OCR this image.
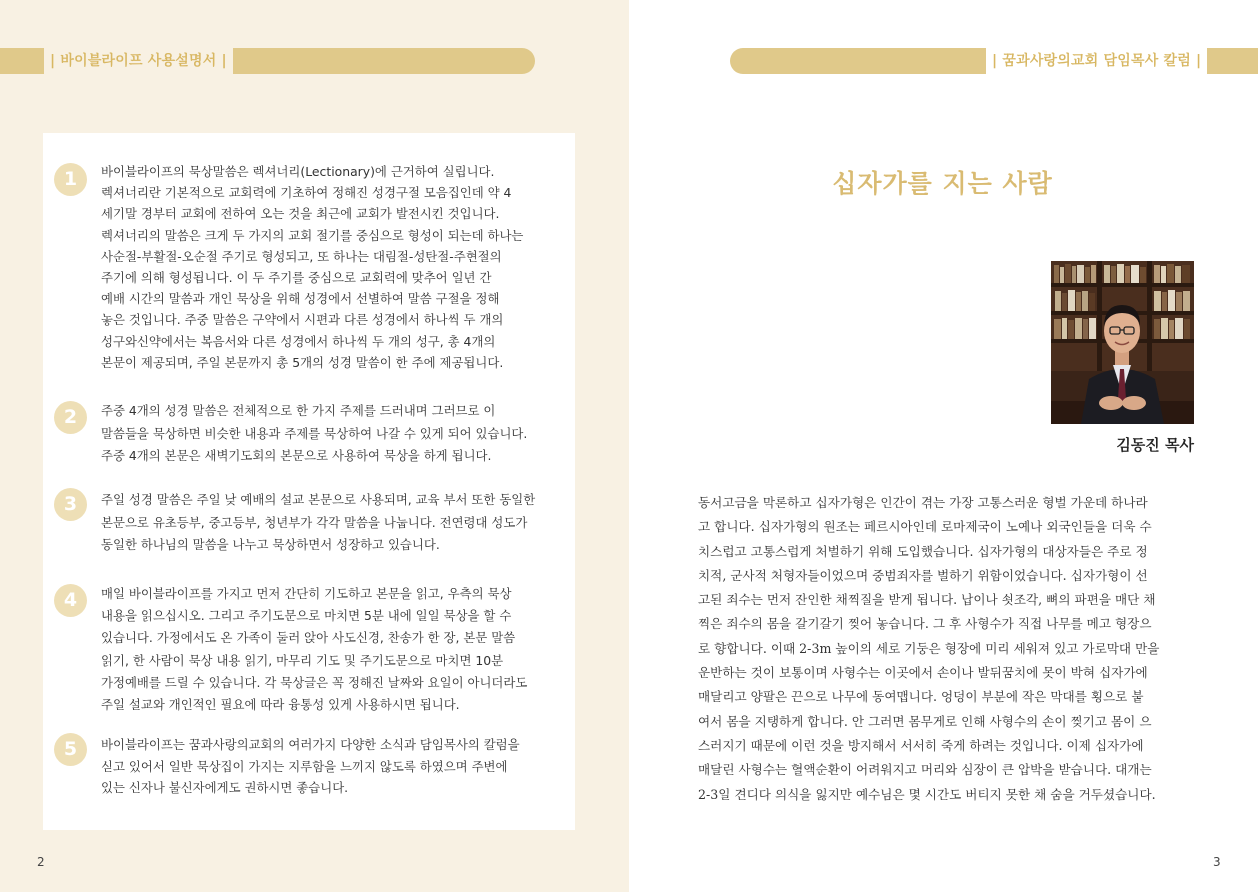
| 바이블라이프 사용설명서 |
1	바이블라이프의 묵상말씀은 렉셔너리(Lectionary)에 근거하여 실립니다.
렉셔너리란 기본적으로 교회력에 기초하여 정해진 성경구절 모음집인데 약 4
세기말 경부터 교회에 전하여 오는 것을 최근에 교회가 발전시킨 것입니다.
렉셔너리의 말씀은 크게 두 가지의 교회 절기를 중심으로 형성이 되는데 하나는
사순절-부활절-오순절 주기로 형성되고, 또 하나는 대림절-성탄절-주현절의
주기에 의해 형성됩니다. 이 두 주기를 중심으로 교회력에 맞추어 일년 간
예배 시간의 말씀과 개인 묵상을 위해 성경에서 선별하여 말씀 구절을 정해
놓은 것입니다. 주중 말씀은 구약에서 시편과 다른 성경에서 하나씩 두 개의
성구와신약에서는 복음서와 다른 성경에서 하나씩 두 개의 성구, 총 4개의
본문이 제공되며, 주일 본문까지 총 5개의 성경 말씀이 한 주에 제공됩니다.
2	주중 4개의 성경 말씀은 전체적으로 한 가지 주제를 드러내며 그러므로 이
말씀들을 묵상하면 비슷한 내용과 주제를 묵상하여 나갈 수 있게 되어 있습니다.
주중 4개의 본문은 새벽기도회의 본문으로 사용하여 묵상을 하게 됩니다.
3	주일 성경 말씀은 주일 낮 예배의 설교 본문으로 사용되며, 교육 부서 또한 동일한
본문으로 유초등부, 중고등부, 청년부가 각각 말씀을 나눕니다. 전연령대 성도가
동일한 하나님의 말씀을 나누고 묵상하면서 성장하고 있습니다.
4	매일 바이블라이프를 가지고 먼저 간단히 기도하고 본문을 읽고, 우측의 묵상
내용을 읽으십시오. 그리고 주기도문으로 마치면 5분 내에 일일 묵상을 할 수
있습니다. 가정에서도 온 가족이 둘러 앉아 사도신경, 찬송가 한 장, 본문 말씀
읽기, 한 사람이 묵상 내용 읽기, 마무리 기도 및 주기도문으로 마치면 10분
가정예배를 드릴 수 있습니다. 각 묵상글은 꼭 정해진 날짜와 요일이 아니더라도
주일 설교와 개인적인 필요에 따라 융통성 있게 사용하시면 됩니다.
5	바이블라이프는 꿈과사랑의교회의 여러가지 다양한 소식과 담임목사의 칼럼을
싣고 있어서 일반 묵상집이 가지는 지루함을 느끼지 않도록 하였으며 주변에
있는 신자나 불신자에게도 권하시면 좋습니다.
2
| 꿈과사랑의교회 담임목사 칼럼 |
십자가를 지는 사람
김동진 목사
동서고금을 막론하고 십자가형은 인간이 겪는 가장 고통스러운 형벌 가운데 하나라
고 합니다. 십자가형의 원조는 페르시아인데 로마제국이 노예나 외국인들을 더욱 수
치스럽고 고통스럽게 처벌하기 위해 도입했습니다. 십자가형의 대상자들은 주로 정
치적, 군사적 처형자들이었으며 중범죄자를 벌하기 위함이었습니다. 십자가형이 선
고된 죄수는 먼저 잔인한 채찍질을 받게 됩니다. 납이나 쇳조각, 뼈의 파편을 매단 채
찍은 죄수의 몸을 갈기갈기 찢어 놓습니다. 그 후 사형수가 직접 나무를 메고 형장으
로 향합니다. 이때 2-3m 높이의 세로 기둥은 형장에 미리 세워져 있고 가로막대 만을
운반하는 것이 보통이며 사형수는 이곳에서 손이나 발뒤꿈치에 못이 박혀 십자가에
매달리고 양팔은 끈으로 나무에 동여맵니다. 엉덩이 부분에 작은 막대를 횡으로 붙
여서 몸을 지탱하게 합니다. 안 그러면 몸무게로 인해 사형수의 손이 찢기고 몸이 으
스러지기 때문에 이런 것을 방지해서 서서히 죽게 하려는 것입니다. 이제 십자가에
매달린 사형수는 혈액순환이 어려워지고 머리와 심장이 큰 압박을 받습니다. 대개는
2-3일 견디다 의식을 잃지만 예수님은 몇 시간도 버티지 못한 채 숨을 거두셨습니다.
3
